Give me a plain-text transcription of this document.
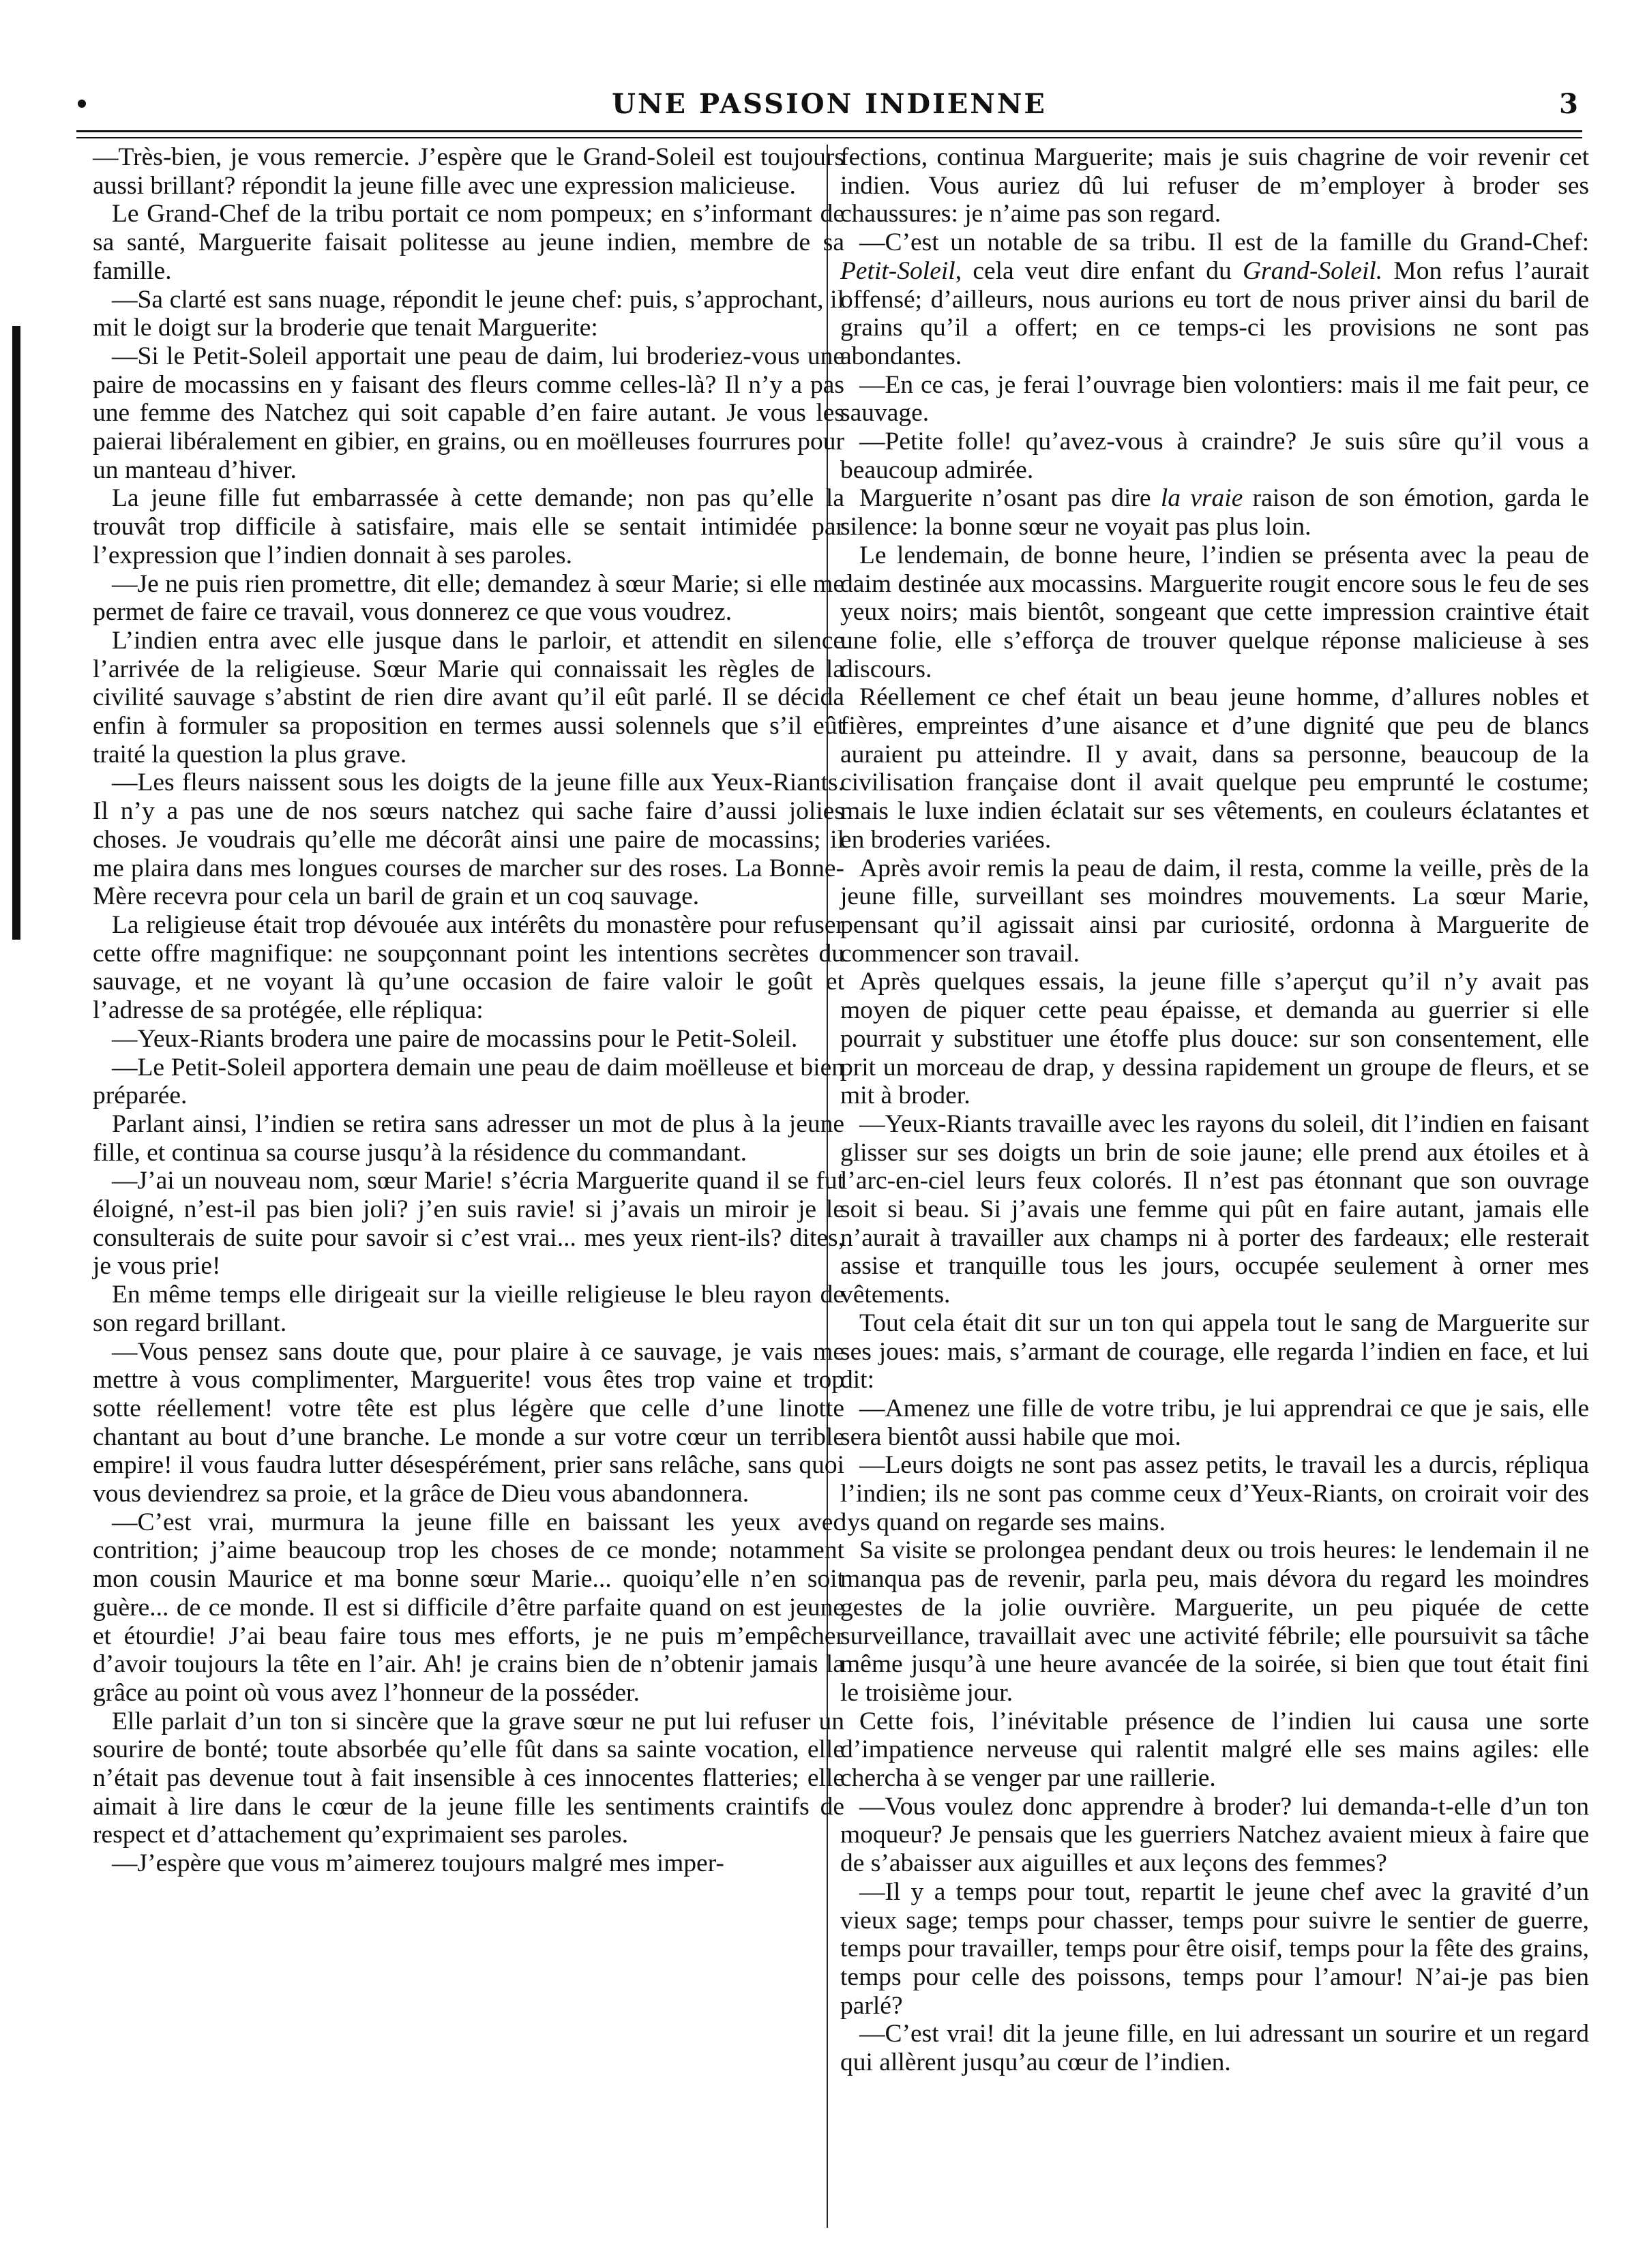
UNE PASSION INDIENNE	3

—Très-bien, je vous remercie. J’espère que le Grand-Soleil est toujours aussi brillant? répondit la jeune fille avec une expression malicieuse.

Le Grand-Chef de la tribu portait ce nom pompeux; en s’informant de sa santé, Marguerite faisait politesse au jeune indien, membre de sa famille.

—Sa clarté est sans nuage, répondit le jeune chef: puis, s’approchant, il mit le doigt sur la broderie que tenait Marguerite:

—Si le Petit-Soleil apportait une peau de daim, lui broderiez-vous une paire de mocassins en y faisant des fleurs comme celles-là? Il n’y a pas une femme des Natchez qui soit capable d’en faire autant. Je vous les paierai libéralement en gibier, en grains, ou en moëlleuses fourrures pour un manteau d’hiver.

La jeune fille fut embarrassée à cette demande; non pas qu’elle la trouvât trop difficile à satisfaire, mais elle se sentait intimidée par l’expression que l’indien donnait à ses paroles.

—Je ne puis rien promettre, dit elle; demandez à sœur Marie; si elle me permet de faire ce travail, vous donnerez ce que vous voudrez.

L’indien entra avec elle jusque dans le parloir, et attendit en silence l’arrivée de la religieuse. Sœur Marie qui connaissait les règles de la civilité sauvage s’abstint de rien dire avant qu’il eût parlé. Il se décida enfin à formuler sa proposition en termes aussi solennels que s’il eût traité la question la plus grave.

—Les fleurs naissent sous les doigts de la jeune fille aux Yeux-Riants. Il n’y a pas une de nos sœurs natchez qui sache faire d’aussi jolies choses. Je voudrais qu’elle me décorât ainsi une paire de mocassins; il me plaira dans mes longues courses de marcher sur des roses. La Bonne-Mère recevra pour cela un baril de grain et un coq sauvage.

La religieuse était trop dévouée aux intérêts du monastère pour refuser cette offre magnifique: ne soupçonnant point les intentions secrètes du sauvage, et ne voyant là qu’une occasion de faire valoir le goût et l’adresse de sa protégée, elle répliqua:

—Yeux-Riants brodera une paire de mocassins pour le Petit-Soleil.

—Le Petit-Soleil apportera demain une peau de daim moëlleuse et bien préparée.

Parlant ainsi, l’indien se retira sans adresser un mot de plus à la jeune fille, et continua sa course jusqu’à la résidence du commandant.

—J’ai un nouveau nom, sœur Marie! s’écria Marguerite quand il se fut éloigné, n’est-il pas bien joli? j’en suis ravie! si j’avais un miroir je le consulterais de suite pour savoir si c’est vrai... mes yeux rient-ils? dites, je vous prie!

En même temps elle dirigeait sur la vieille religieuse le bleu rayon de son regard brillant.

—Vous pensez sans doute que, pour plaire à ce sauvage, je vais me mettre à vous complimenter, Marguerite! vous êtes trop vaine et trop sotte réellement! votre tête est plus légère que celle d’une linotte chantant au bout d’une branche. Le monde a sur votre cœur un terrible empire! il vous faudra lutter désespérément, prier sans relâche, sans quoi vous deviendrez sa proie, et la grâce de Dieu vous abandonnera.

—C’est vrai, murmura la jeune fille en baissant les yeux avec contrition; j’aime beaucoup trop les choses de ce monde; notamment mon cousin Maurice et ma bonne sœur Marie... quoiqu’elle n’en soit guère... de ce monde. Il est si difficile d’être parfaite quand on est jeune et étourdie! J’ai beau faire tous mes efforts, je ne puis m’empêcher d’avoir toujours la tête en l’air. Ah! je crains bien de n’obtenir jamais la grâce au point où vous avez l’honneur de la posséder.

Elle parlait d’un ton si sincère que la grave sœur ne put lui refuser un sourire de bonté; toute absorbée qu’elle fût dans sa sainte vocation, elle n’était pas devenue tout à fait insensible à ces innocentes flatteries; elle aimait à lire dans le cœur de la jeune fille les sentiments craintifs de respect et d’attachement qu’exprimaient ses paroles.

—J’espère que vous m’aimerez toujours malgré mes imper-

fections, continua Marguerite; mais je suis chagrine de voir revenir cet indien. Vous auriez dû lui refuser de m’employer à broder ses chaussures: je n’aime pas son regard.

—C’est un notable de sa tribu. Il est de la famille du Grand-Chef: Petit-Soleil, cela veut dire enfant du Grand-Soleil. Mon refus l’aurait offensé; d’ailleurs, nous aurions eu tort de nous priver ainsi du baril de grains qu’il a offert; en ce temps-ci les provisions ne sont pas abondantes.

—En ce cas, je ferai l’ouvrage bien volontiers: mais il me fait peur, ce sauvage.

—Petite folle! qu’avez-vous à craindre? Je suis sûre qu’il vous a beaucoup admirée.

Marguerite n’osant pas dire la vraie raison de son émotion, garda le silence: la bonne sœur ne voyait pas plus loin.

Le lendemain, de bonne heure, l’indien se présenta avec la peau de daim destinée aux mocassins. Marguerite rougit encore sous le feu de ses yeux noirs; mais bientôt, songeant que cette impression craintive était une folie, elle s’efforça de trouver quelque réponse malicieuse à ses discours.

Réellement ce chef était un beau jeune homme, d’allures nobles et fières, empreintes d’une aisance et d’une dignité que peu de blancs auraient pu atteindre. Il y avait, dans sa personne, beaucoup de la civilisation française dont il avait quelque peu emprunté le costume; mais le luxe indien éclatait sur ses vêtements, en couleurs éclatantes et en broderies variées.

Après avoir remis la peau de daim, il resta, comme la veille, près de la jeune fille, surveillant ses moindres mouvements. La sœur Marie, pensant qu’il agissait ainsi par curiosité, ordonna à Marguerite de commencer son travail.

Après quelques essais, la jeune fille s’aperçut qu’il n’y avait pas moyen de piquer cette peau épaisse, et demanda au guerrier si elle pourrait y substituer une étoffe plus douce: sur son consentement, elle prit un morceau de drap, y dessina rapidement un groupe de fleurs, et se mit à broder.

—Yeux-Riants travaille avec les rayons du soleil, dit l’indien en faisant glisser sur ses doigts un brin de soie jaune; elle prend aux étoiles et à l’arc-en-ciel leurs feux colorés. Il n’est pas étonnant que son ouvrage soit si beau. Si j’avais une femme qui pût en faire autant, jamais elle n’aurait à travailler aux champs ni à porter des fardeaux; elle resterait assise et tranquille tous les jours, occupée seulement à orner mes vêtements.

Tout cela était dit sur un ton qui appela tout le sang de Marguerite sur ses joues: mais, s’armant de courage, elle regarda l’indien en face, et lui dit:

—Amenez une fille de votre tribu, je lui apprendrai ce que je sais, elle sera bientôt aussi habile que moi.

—Leurs doigts ne sont pas assez petits, le travail les a durcis, répliqua l’indien; ils ne sont pas comme ceux d’Yeux-Riants, on croirait voir des lys quand on regarde ses mains.

Sa visite se prolongea pendant deux ou trois heures: le lendemain il ne manqua pas de revenir, parla peu, mais dévora du regard les moindres gestes de la jolie ouvrière. Marguerite, un peu piquée de cette surveillance, travaillait avec une activité fébrile; elle poursuivit sa tâche même jusqu’à une heure avancée de la soirée, si bien que tout était fini le troisième jour.

Cette fois, l’inévitable présence de l’indien lui causa une sorte d’impatience nerveuse qui ralentit malgré elle ses mains agiles: elle chercha à se venger par une raillerie.

—Vous voulez donc apprendre à broder? lui demanda-t-elle d’un ton moqueur? Je pensais que les guerriers Natchez avaient mieux à faire que de s’abaisser aux aiguilles et aux leçons des femmes?

—Il y a temps pour tout, repartit le jeune chef avec la gravité d’un vieux sage; temps pour chasser, temps pour suivre le sentier de guerre, temps pour travailler, temps pour être oisif, temps pour la fête des grains, temps pour celle des poissons, temps pour l’amour! N’ai-je pas bien parlé?

—C’est vrai! dit la jeune fille, en lui adressant un sourire et un regard qui allèrent jusqu’au cœur de l’indien.
